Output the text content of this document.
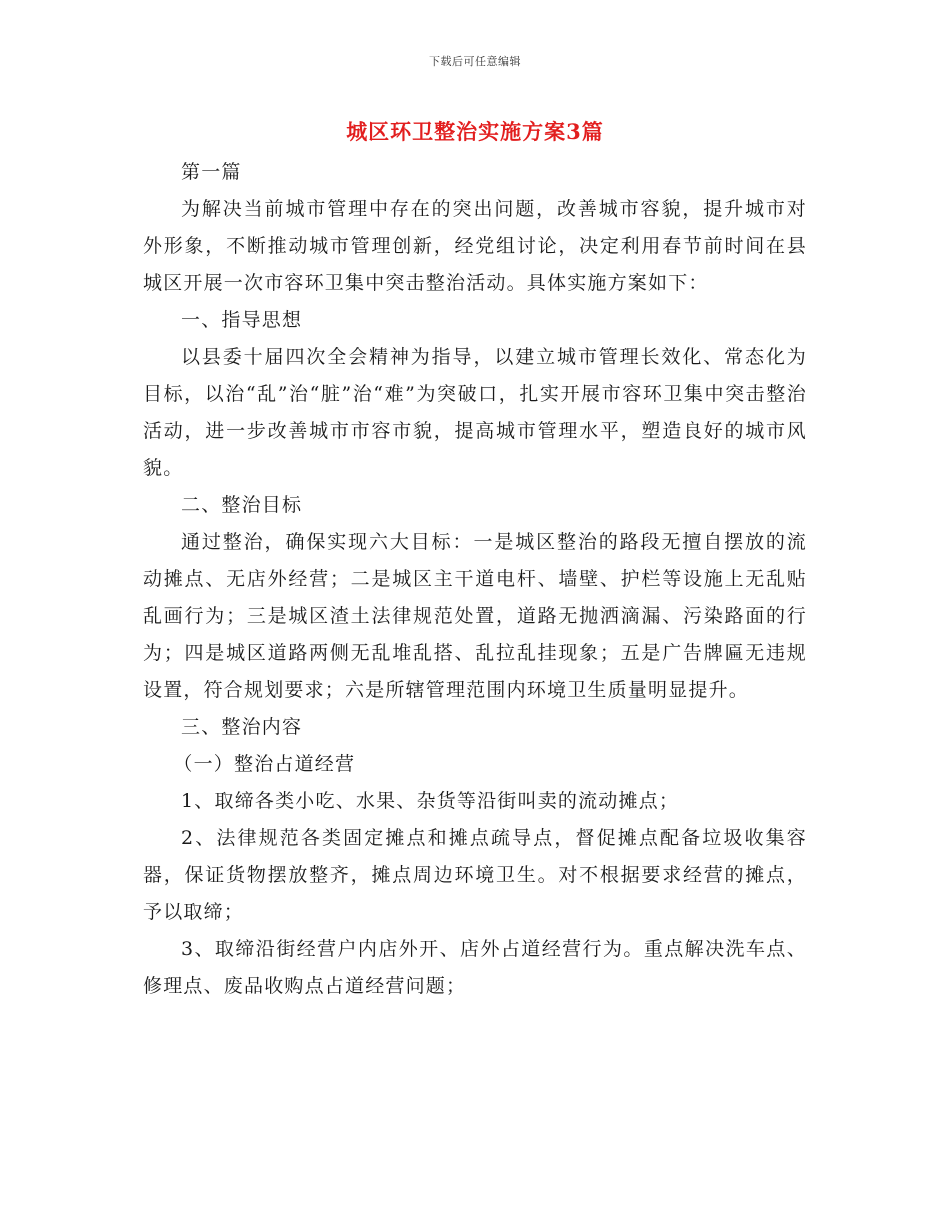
下载后可任意编辑
城区环卫整治实施方案3篇

第一篇

为解决当前城市管理中存在的突出问题，改善城市容貌，提升城市对外形象，不断推动城市管理创新，经党组讨论，决定利用春节前时间在县城区开展一次市容环卫集中突击整治活动。具体实施方案如下：

一、指导思想

以县委十届四次全会精神为指导，以建立城市管理长效化、常态化为目标，以治“乱”治“脏”治“难”为突破口，扎实开展市容环卫集中突击整治活动，进一步改善城市市容市貌，提高城市管理水平，塑造良好的城市风貌。

二、整治目标

通过整治，确保实现六大目标：一是城区整治的路段无擅自摆放的流动摊点、无店外经营；二是城区主干道电杆、墙壁、护栏等设施上无乱贴乱画行为；三是城区渣土法律规范处置，道路无抛洒滴漏、污染路面的行为；四是城区道路两侧无乱堆乱搭、乱拉乱挂现象；五是广告牌匾无违规设置，符合规划要求；六是所辖管理范围内环境卫生质量明显提升。

三、整治内容

（一）整治占道经营

1、取缔各类小吃、水果、杂货等沿街叫卖的流动摊点；

2、法律规范各类固定摊点和摊点疏导点，督促摊点配备垃圾收集容器，保证货物摆放整齐，摊点周边环境卫生。对不根据要求经营的摊点，予以取缔；

3、取缔沿街经营户内店外开、店外占道经营行为。重点解决洗车点、修理点、废品收购点占道经营问题；
